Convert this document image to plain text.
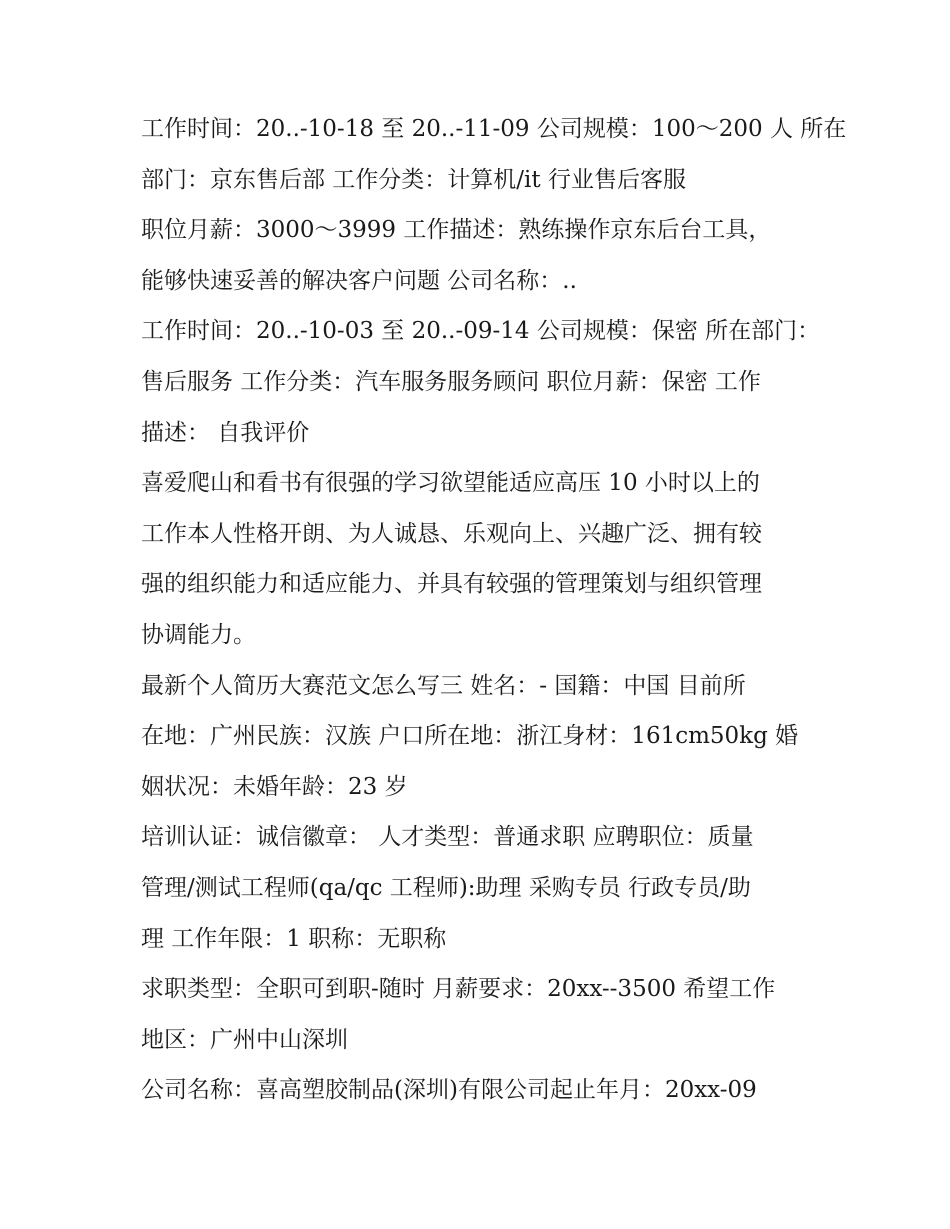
工作时间：20..-10-18 至 20..-11-09 公司规模：100～200 人 所在
部门：京东售后部 工作分类：计算机/it 行业售后客服
职位月薪：3000～3999 工作描述：熟练操作京东后台工具，
能够快速妥善的解决客户问题 公司名称：..
工作时间：20..-10-03 至 20..-09-14 公司规模：保密 所在部门：
售后服务 工作分类：汽车服务服务顾问 职位月薪：保密 工作
描述： 自我评价
喜爱爬山和看书有很强的学习欲望能适应高压 10 小时以上的
工作本人性格开朗、为人诚恳、乐观向上、兴趣广泛、拥有较
强的组织能力和适应能力、并具有较强的管理策划与组织管理
协调能力。
最新个人简历大赛范文怎么写三 姓名：- 国籍：中国 目前所
在地：广州民族：汉族 户口所在地：浙江身材：161cm50kg 婚
姻状况：未婚年龄：23 岁
培训认证：诚信徽章： 人才类型：普通求职 应聘职位：质量
管理/测试工程师(qa/qc 工程师):助理 采购专员 行政专员/助
理 工作年限：1 职称：无职称
求职类型：全职可到职-随时 月薪要求：20xx--3500 希望工作
地区：广州中山深圳
公司名称：喜高塑胶制品(深圳)有限公司起止年月：20xx-09
